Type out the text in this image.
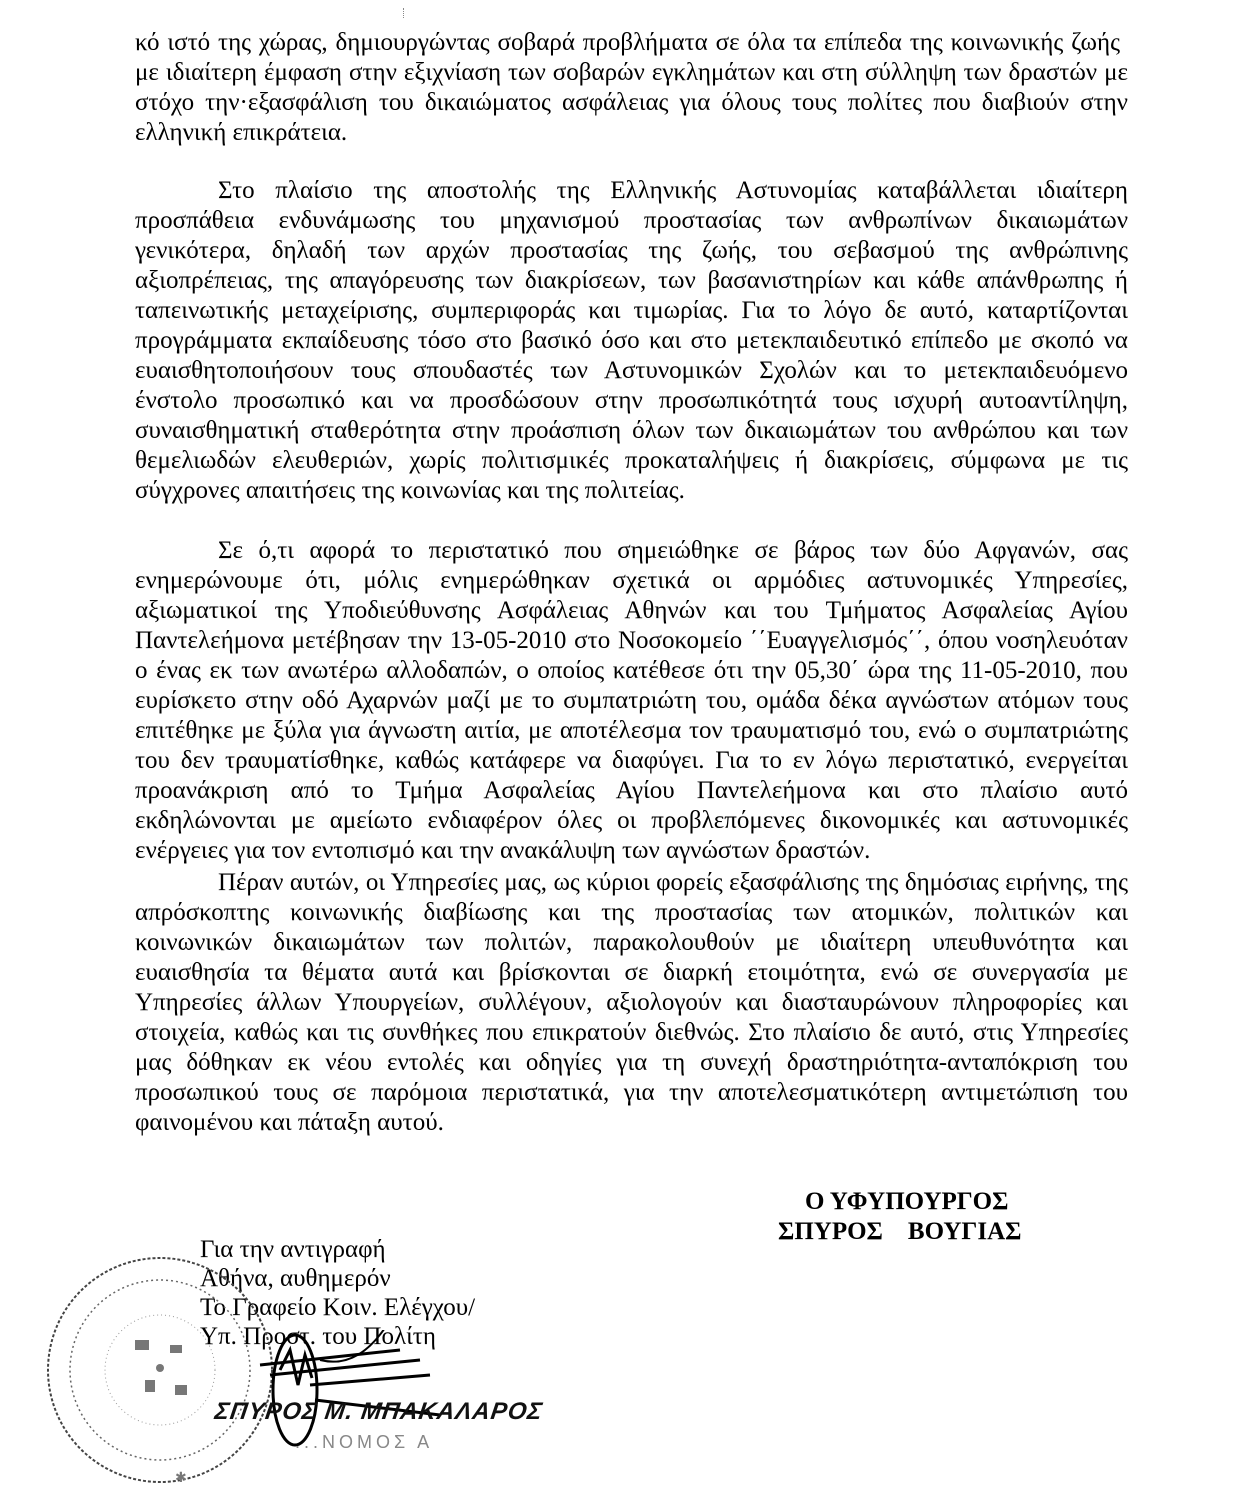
κό ιστό της χώρας, δημιουργώντας σοβαρά προβλήματα σε όλα τα επίπεδα της κοινωνικής ζωής
με ιδιαίτερη έμφαση στην εξιχνίαση των σοβαρών εγκλημάτων και στη σύλληψη των δραστών με
στόχο την·εξασφάλιση του δικαιώματος ασφάλειας για όλους τους πολίτες που διαβιούν στην
ελληνική επικράτεια.
Στο πλαίσιο της αποστολής της Ελληνικής Αστυνομίας καταβάλλεται ιδιαίτερη
προσπάθεια ενδυνάμωσης του μηχανισμού προστασίας των ανθρωπίνων δικαιωμάτων
γενικότερα, δηλαδή των αρχών προστασίας της ζωής, του σεβασμού της ανθρώπινης
αξιοπρέπειας, της απαγόρευσης των διακρίσεων, των βασανιστηρίων και κάθε απάνθρωπης ή
ταπεινωτικής μεταχείρισης, συμπεριφοράς και τιμωρίας. Για το λόγο δε αυτό, καταρτίζονται
προγράμματα εκπαίδευσης τόσο στο βασικό όσο και στο μετεκπαιδευτικό επίπεδο με σκοπό να
ευαισθητοποιήσουν τους σπουδαστές των Αστυνομικών Σχολών και το μετεκπαιδευόμενο
ένστολο προσωπικό και να προσδώσουν στην προσωπικότητά τους ισχυρή αυτοαντίληψη,
συναισθηματική σταθερότητα στην προάσπιση όλων των δικαιωμάτων του ανθρώπου και των
θεμελιωδών ελευθεριών, χωρίς πολιτισμικές προκαταλήψεις ή διακρίσεις, σύμφωνα με τις
σύγχρονες απαιτήσεις της κοινωνίας και της πολιτείας.
Σε ό,τι αφορά το περιστατικό που σημειώθηκε σε βάρος των δύο Αφγανών, σας
ενημερώνουμε ότι, μόλις ενημερώθηκαν σχετικά οι αρμόδιες αστυνομικές Υπηρεσίες,
αξιωματικοί της Υποδιεύθυνσης Ασφάλειας Αθηνών και του Τμήματος Ασφαλείας Αγίου
Παντελεήμονα μετέβησαν την 13-05-2010 στο Νοσοκομείο ΄΄Ευαγγελισμός΄΄, όπου νοσηλευόταν
ο ένας εκ των ανωτέρω αλλοδαπών, ο οποίος κατέθεσε ότι την 05,30΄ ώρα της 11-05-2010, που
ευρίσκετο στην οδό Αχαρνών μαζί με το συμπατριώτη του, ομάδα δέκα αγνώστων ατόμων τους
επιτέθηκε με ξύλα για άγνωστη αιτία, με αποτέλεσμα τον τραυματισμό του, ενώ ο συμπατριώτης
του δεν τραυματίσθηκε, καθώς κατάφερε να διαφύγει. Για το εν λόγω περιστατικό, ενεργείται
προανάκριση από το Τμήμα Ασφαλείας Αγίου Παντελεήμονα και στο πλαίσιο αυτό
εκδηλώνονται με αμείωτο ενδιαφέρον όλες οι προβλεπόμενες δικονομικές και αστυνομικές
ενέργειες για τον εντοπισμό και την ανακάλυψη των αγνώστων δραστών.
Πέραν αυτών, οι Υπηρεσίες μας, ως κύριοι φορείς εξασφάλισης της δημόσιας ειρήνης, της
απρόσκοπτης κοινωνικής διαβίωσης και της προστασίας των ατομικών, πολιτικών και
κοινωνικών δικαιωμάτων των πολιτών, παρακολουθούν με ιδιαίτερη υπευθυνότητα και
ευαισθησία τα θέματα αυτά και βρίσκονται σε διαρκή ετοιμότητα, ενώ σε συνεργασία με
Υπηρεσίες άλλων Υπουργείων, συλλέγουν, αξιολογούν και διασταυρώνουν πληροφορίες και
στοιχεία, καθώς και τις συνθήκες που επικρατούν διεθνώς. Στο πλαίσιο δε αυτό, στις Υπηρεσίες
μας δόθηκαν εκ νέου εντολές και οδηγίες για τη συνεχή δραστηριότητα-ανταπόκριση του
προσωπικού τους σε παρόμοια περιστατικά, για την αποτελεσματικότερη αντιμετώπιση του
φαινομένου και πάταξη αυτού.
Ο ΥΦΥΠΟΥΡΓΟΣ
ΣΠΥΡΟΣ    ΒΟΥΓΙΑΣ
Για την αντιγραφή
Αθήνα, αυθημερόν
Το Γραφείο Κοιν. Ελέγχου/
Υπ. Προστ. του Πολίτη
✱
ΣΠΥΡΟΣ Μ. ΜΠΑΚΑΛΑΡΟΣ
...ΝΟΜΟΣ Α
